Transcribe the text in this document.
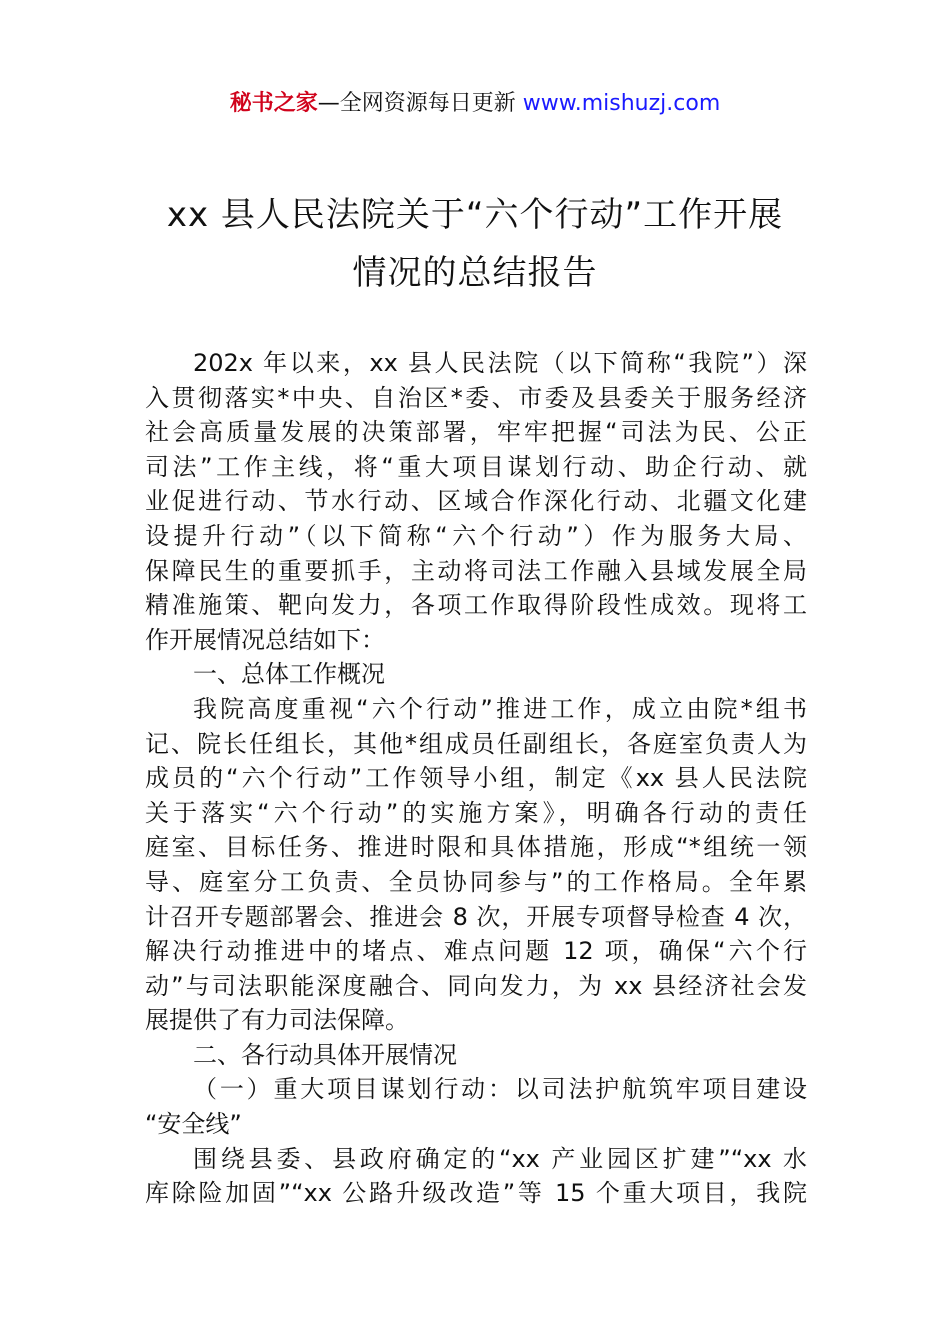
秘书之家—全网资源每日更新 www.mishuzj.com
xx 县人民法院关于“六个行动”工作开展
情况的总结报告
202x 年以来，xx 县人民法院（以下简称“我院”）深
入贯彻落实*中央、自治区*委、市委及县委关于服务经济
社会高质量发展的决策部署，牢牢把握“司法为民、公正
司法”工作主线，将“重大项目谋划行动、助企行动、就
业促进行动、节水行动、区域合作深化行动、北疆文化建
设提升行动”（以下简称“六个行动”）作为服务大局、
保障民生的重要抓手，主动将司法工作融入县域发展全局
精准施策、靶向发力，各项工作取得阶段性成效。现将工
作开展情况总结如下：
一、总体工作概况
我院高度重视“六个行动”推进工作，成立由院*组书
记、院长任组长，其他*组成员任副组长，各庭室负责人为
成员的“六个行动”工作领导小组，制定《xx 县人民法院
关于落实“六个行动”的实施方案》，明确各行动的责任
庭室、目标任务、推进时限和具体措施，形成“*组统一领
导、庭室分工负责、全员协同参与”的工作格局。全年累
计召开专题部署会、推进会 8 次，开展专项督导检查 4 次，
解决行动推进中的堵点、难点问题 12 项，确保“六个行
动”与司法职能深度融合、同向发力，为 xx 县经济社会发
展提供了有力司法保障。
二、各行动具体开展情况
（一）重大项目谋划行动：以司法护航筑牢项目建设
“安全线”
围绕县委、县政府确定的“xx 产业园区扩建”“xx 水
库除险加固”“xx 公路升级改造”等 15 个重大项目，我院
